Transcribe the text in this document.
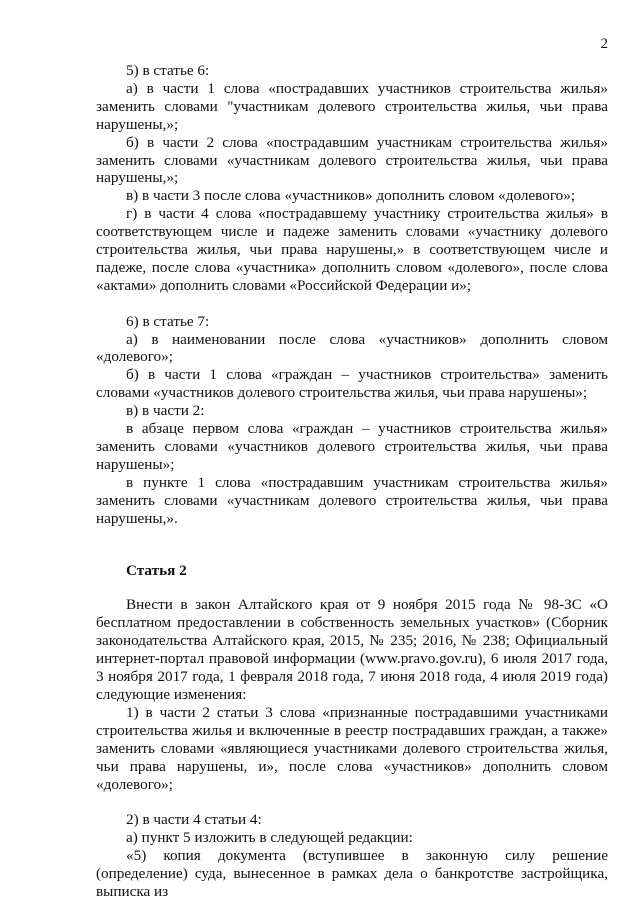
2

5) в статье 6:

а) в части 1 слова «пострадавших участников строительства жилья» заменить словами "участникам долевого строительства жилья, чьи права нарушены,»;

б) в части 2 слова «пострадавшим участникам строительства жилья» заменить словами «участникам долевого строительства жилья, чьи права нарушены,»;

в) в части 3 после слова «участников» дополнить словом «долевого»;

г) в части 4 слова «пострадавшему участнику строительства жилья» в соответствующем числе и падеже заменить словами «участнику долевого строительства жилья, чьи права нарушены,» в соответствующем числе и падеже, после слова «участника» дополнить словом «долевого», после слова «актами» дополнить словами «Российской Федерации и»;

6) в статье 7:

а) в наименовании после слова «участников» дополнить словом «долевого»;

б) в части 1 слова «граждан – участников строительства» заменить словами «участников долевого строительства жилья, чьи права нарушены»;

в) в части 2:

в абзаце первом слова «граждан – участников строительства жилья» заменить словами «участников долевого строительства жилья, чьи права нарушены»;

в пункте 1 слова «пострадавшим участникам строительства жилья» заменить словами «участникам долевого строительства жилья, чьи права нарушены,».

Статья 2

Внести в закон Алтайского края от 9 ноября 2015 года № 98-ЗС «О бесплатном предоставлении в собственность земельных участков» (Сборник законодательства Алтайского края, 2015, № 235; 2016, № 238; Официальный интернет-портал правовой информации (www.pravo.gov.ru), 6 июля 2017 года, 3 ноября 2017 года, 1 февраля 2018 года, 7 июня 2018 года, 4 июля 2019 года) следующие изменения:

1) в части 2 статьи 3 слова «признанные пострадавшими участниками строительства жилья и включенные в реестр пострадавших граждан, а также» заменить словами «являющиеся участниками долевого строительства жилья, чьи права нарушены, и», после слова «участников» дополнить словом «долевого»;

2) в части 4 статьи 4:

а) пункт 5 изложить в следующей редакции:

«5) копия документа (вступившее в законную силу решение (определение) суда, вынесенное в рамках дела о банкротстве застройщика, выписка из
